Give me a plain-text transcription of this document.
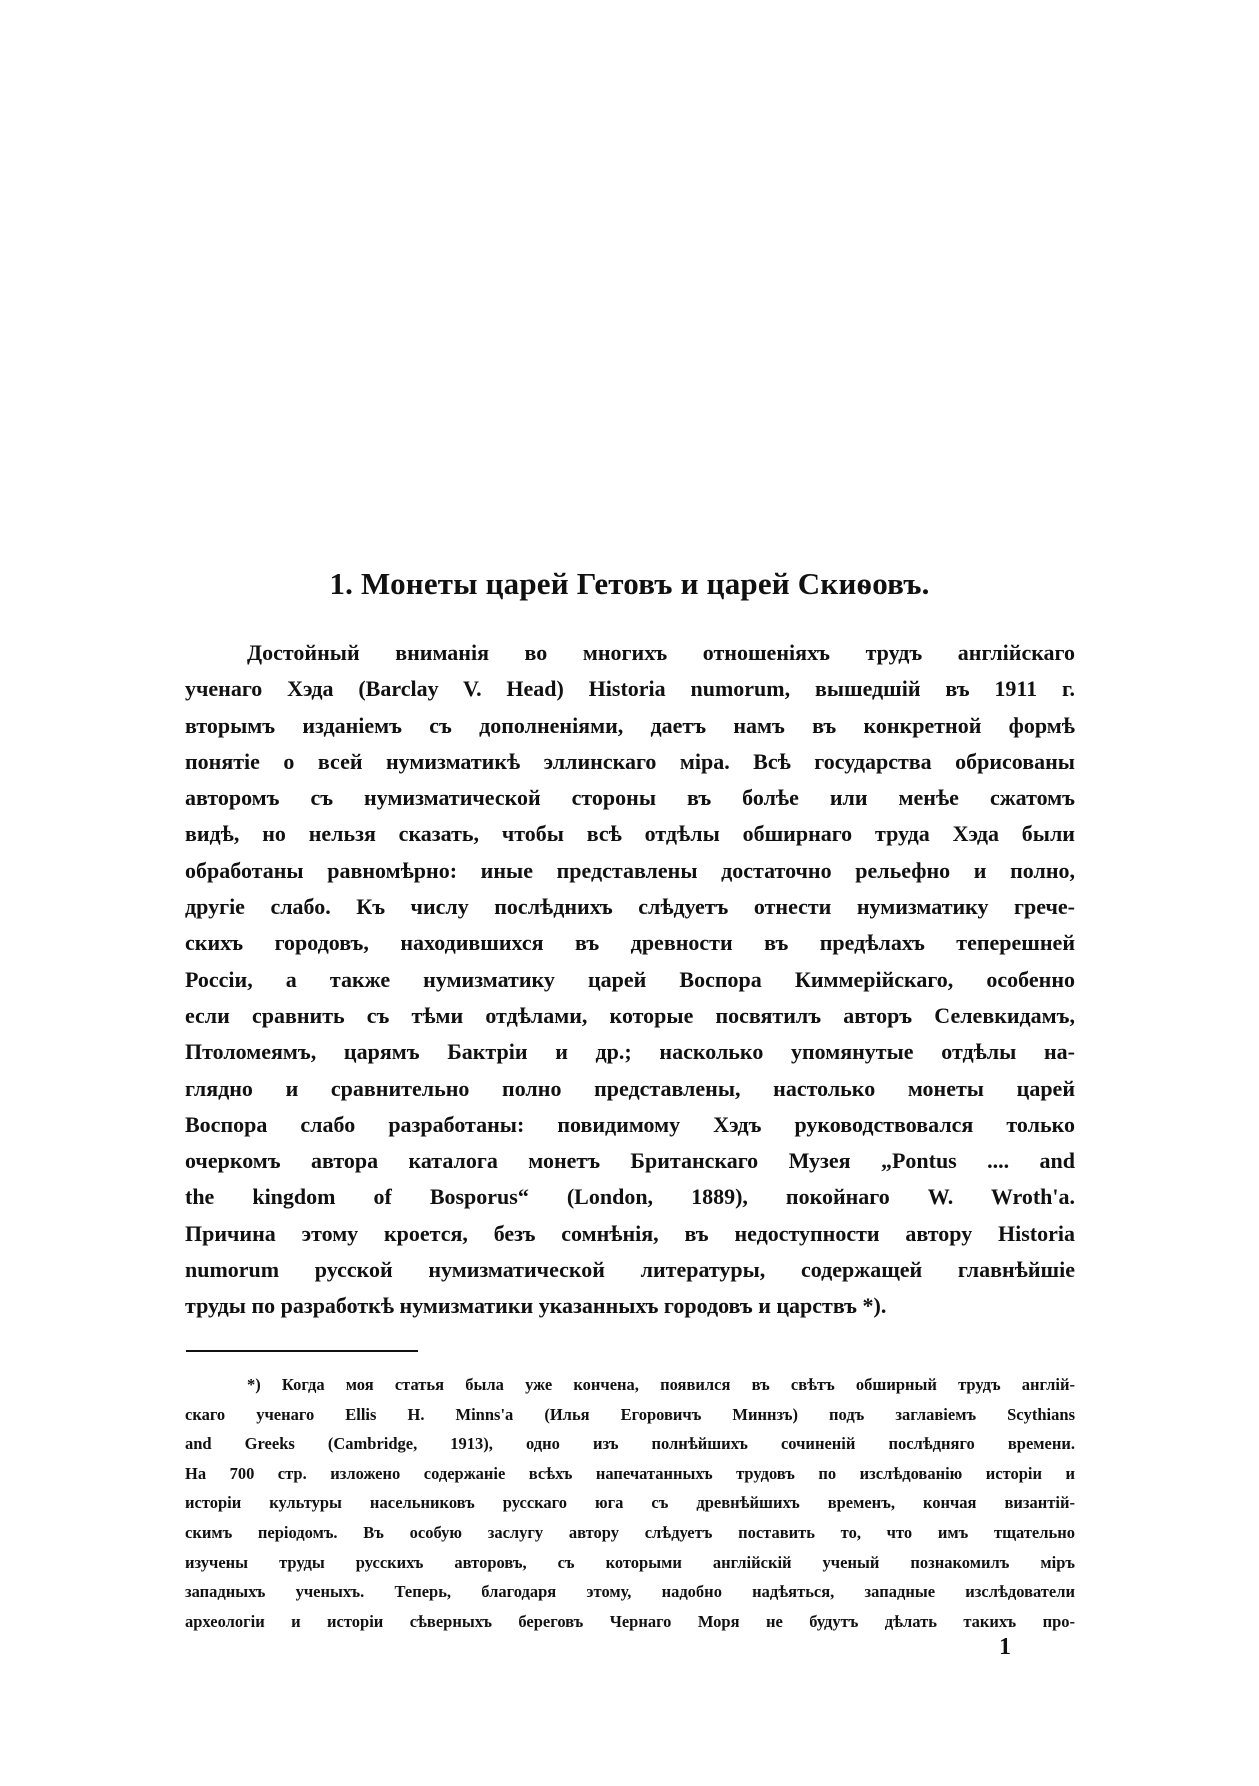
1. Монеты царей Гетовъ и царей Скиѳовъ.
Достойный вниманія во многихъ отношеніяхъ трудъ англійскаго
ученаго Хэда (Barclay V. Head) Historia numorum, вышедшій въ 1911 г.
вторымъ изданіемъ съ дополненіями, даетъ намъ въ конкретной формѣ
понятіе о всей нумизматикѣ эллинскаго міра. Всѣ государства обрисованы
авторомъ съ нумизматической стороны въ болѣе или менѣе сжатомъ
видѣ, но нельзя сказать, чтобы всѣ отдѣлы обширнаго труда Хэда были
обработаны равномѣрно: иные представлены достаточно рельефно и полно,
другіе слабо. Къ числу послѣднихъ слѣдуетъ отнести нумизматику грече-
скихъ городовъ, находившихся въ древности въ предѣлахъ теперешней
Россіи, а также нумизматику царей Воспора Киммерійскаго, особенно
если сравнить съ тѣми отдѣлами, которые посвятилъ авторъ Селевкидамъ,
Птоломеямъ, царямъ Бактріи и др.; насколько упомянутые отдѣлы на-
глядно и сравнительно полно представлены, настолько монеты царей
Воспора слабо разработаны: повидимому Хэдъ руководствовался только
очеркомъ автора каталога монетъ Британскаго Музея „Pontus .... and
the kingdom of Bosporus“ (London, 1889), покойнаго W. Wroth'a.
Причина этому кроется, безъ сомнѣнія, въ недоступности автору Historia
numorum русской нумизматической литературы, содержащей главнѣйшіе
труды по разработкѣ нумизматики указанныхъ городовъ и царствъ *).
*) Когда моя статья была уже кончена, появился въ свѣтъ обширный трудъ англій-
скаго ученаго Ellis H. Minns'a (Илья Егоровичъ Миннзъ) подъ заглавіемъ Scythians
and Greeks (Cambridge, 1913), одно изъ полнѣйшихъ сочиненій послѣдняго времени.
На 700 стр. изложено содержаніе всѣхъ напечатанныхъ трудовъ по изслѣдованію исторіи и
исторіи культуры насельниковъ русскаго юга съ древнѣйшихъ временъ, кончая византій-
скимъ періодомъ. Въ особую заслугу автору слѣдуетъ поставить то, что имъ тщательно
изучены труды русскихъ авторовъ, съ которыми англійскій ученый познакомилъ міръ
западныхъ ученыхъ. Теперь, благодаря этому, надобно надѣяться, западные изслѣдователи
археологіи и исторіи сѣверныхъ береговъ Чернаго Моря не будутъ дѣлать такихъ про-
1
